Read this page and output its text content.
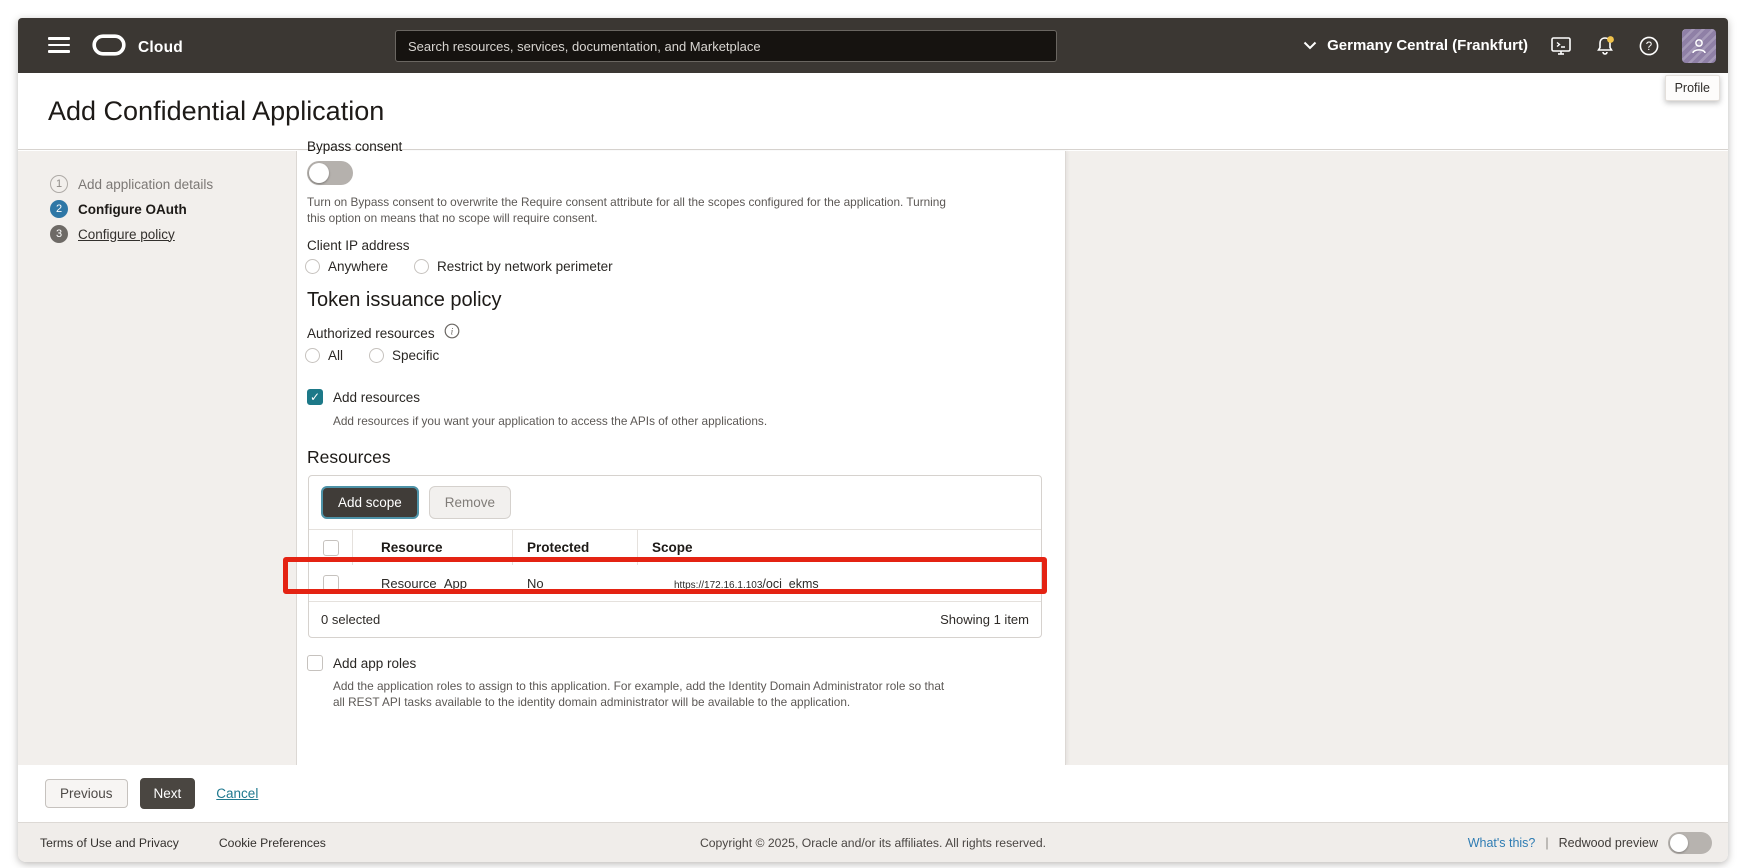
Cloud
Search resources, services, documentation, and Marketplace	Germany Central (Frankfurt)	?
Profile
Add Confidential Application
1	Add application details
2	Configure OAuth
3	Configure policy
Bypass consent
Turn on Bypass consent to overwrite the Require consent attribute for all the scopes configured for the application. Turning this option on means that no scope will require consent.
Client IP address
Anywhere	Restrict by network perimeter
Token issuance policy
Authorized resources i
All	Specific
✓ Add resources
Add resources if you want your application to access the APIs of other applications.
Resources
Add scope	Remove
Resource	Protected	Scope
Resource_App	No	https://172.16.1.103/oci_ekms
0 selected	Showing 1 item
Add app roles
Add the application roles to assign to this application. For example, add the Identity Domain Administrator role so that all REST API tasks available to the identity domain administrator will be available to the application.
Previous	Next	Cancel
Terms of Use and Privacy	Cookie Preferences	Copyright © 2025, Oracle and/or its affiliates. All rights reserved.	What's this? | Redwood preview
